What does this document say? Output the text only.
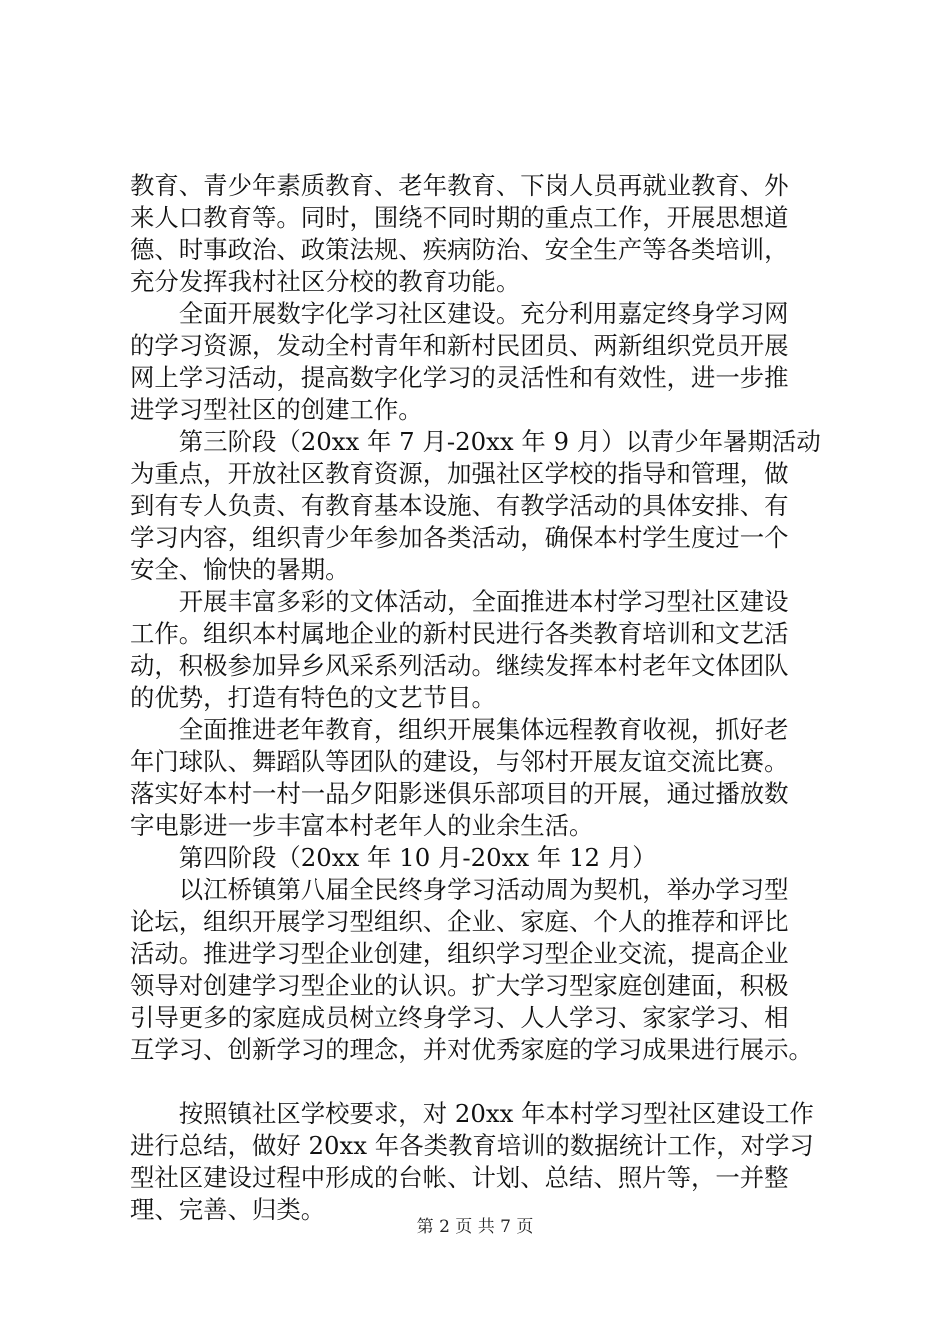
教育、青少年素质教育、老年教育、下岗人员再就业教育、外
来人口教育等。同时，围绕不同时期的重点工作，开展思想道
德、时事政治、政策法规、疾病防治、安全生产等各类培训，
充分发挥我村社区分校的教育功能。
　　全面开展数字化学习社区建设。充分利用嘉定终身学习网
的学习资源，发动全村青年和新村民团员、两新组织党员开展
网上学习活动，提高数字化学习的灵活性和有效性，进一步推
进学习型社区的创建工作。
　　第三阶段（20xx 年 7 月-20xx 年 9 月）以青少年暑期活动
为重点，开放社区教育资源，加强社区学校的指导和管理，做
到有专人负责、有教育基本设施、有教学活动的具体安排、有
学习内容，组织青少年参加各类活动，确保本村学生度过一个
安全、愉快的暑期。
　　开展丰富多彩的文体活动，全面推进本村学习型社区建设
工作。组织本村属地企业的新村民进行各类教育培训和文艺活
动，积极参加异乡风采系列活动。继续发挥本村老年文体团队
的优势，打造有特色的文艺节目。
　　全面推进老年教育，组织开展集体远程教育收视，抓好老
年门球队、舞蹈队等团队的建设，与邻村开展友谊交流比赛。
落实好本村一村一品夕阳影迷俱乐部项目的开展，通过播放数
字电影进一步丰富本村老年人的业余生活。
　　第四阶段（20xx 年 10 月-20xx 年 12 月）
　　以江桥镇第八届全民终身学习活动周为契机，举办学习型
论坛，组织开展学习型组织、企业、家庭、个人的推荐和评比
活动。推进学习型企业创建，组织学习型企业交流，提高企业
领导对创建学习型企业的认识。扩大学习型家庭创建面，积极
引导更多的家庭成员树立终身学习、人人学习、家家学习、相
互学习、创新学习的理念，并对优秀家庭的学习成果进行展示。
　　按照镇社区学校要求，对 20xx 年本村学习型社区建设工作
进行总结，做好 20xx 年各类教育培训的数据统计工作，对学习
型社区建设过程中形成的台帐、计划、总结、照片等，一并整
理、完善、归类。
第 2 页 共 7 页
